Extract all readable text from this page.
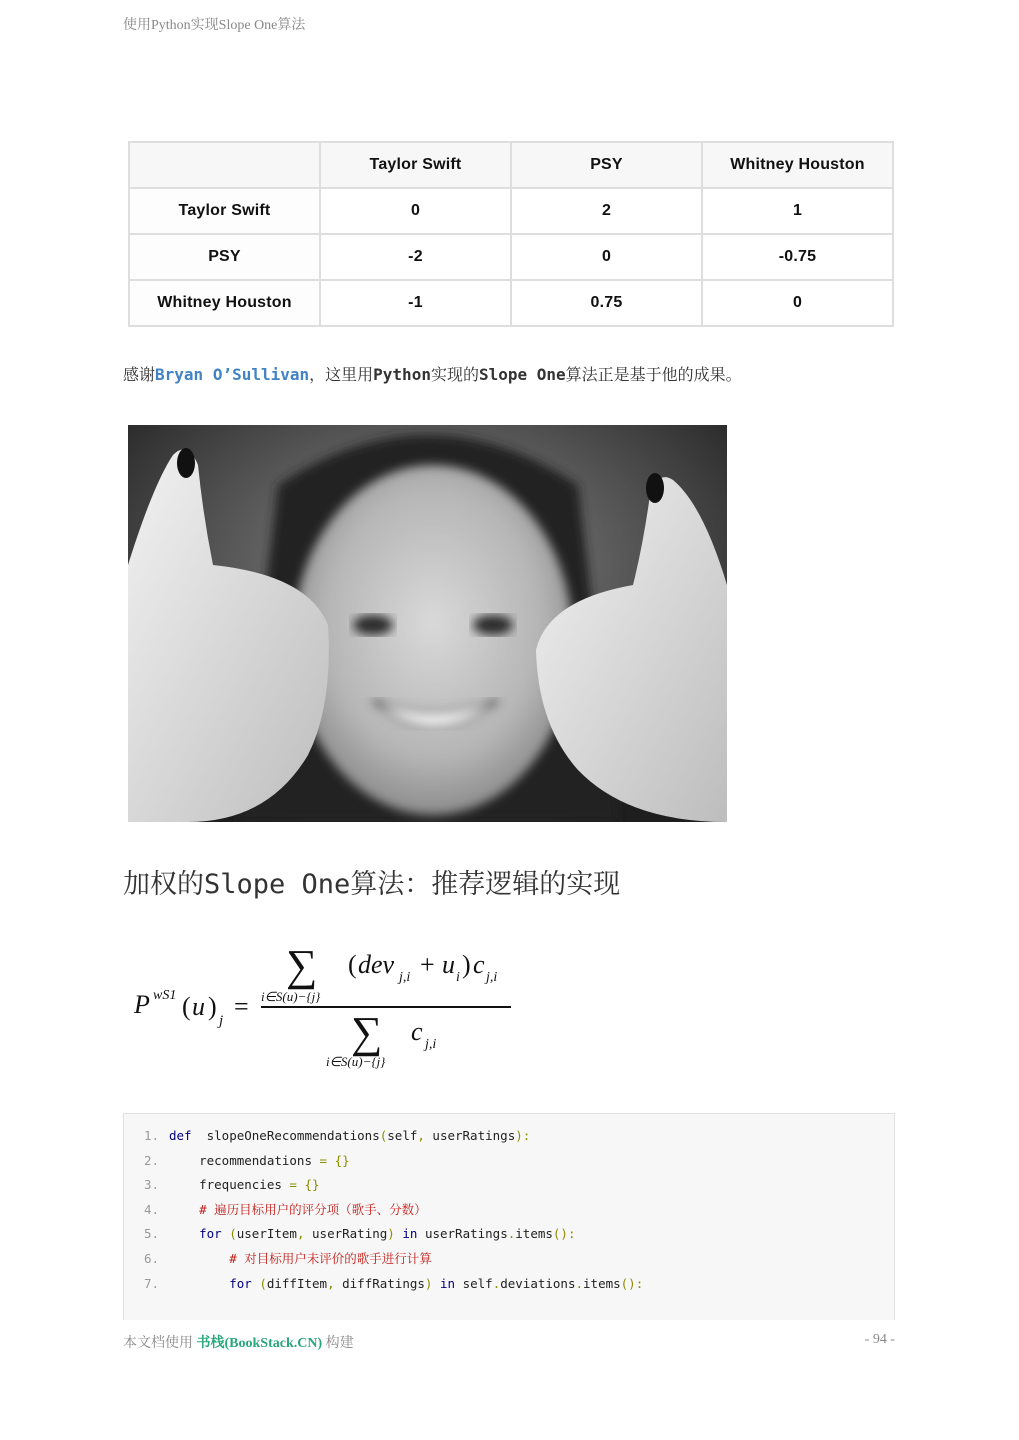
使用Python实现Slope One算法
	Taylor Swift	PSY	Whitney Houston
Taylor Swift	0	2	1
PSY	-2	0	-0.75
Whitney Houston	-1	0.75	0

感谢Bryan O’Sullivan，这里用Python实现的Slope One算法正是基于他的成果。

加权的Slope One算法：推荐逻辑的实现
P wS1 ( u ) j =
∑
i∈S(u)−{j}
( dev j,i + u i ) c j,i
∑
i∈S(u)−{j}
c j,i
1. def  slopeOneRecommendations(self, userRatings):
2. recommendations = {}
3. frequencies = {}
4.	# 遍历目标用户的评分项（歌手、分数）
5.	for (userItem, userRating) in userRatings.items():
6.	# 对目标用户未评价的歌手进行计算
7.	for (diffItem, diffRatings) in self.deviations.items():
本文档使用 书栈(BookStack.CN) 构建	- 94 -
